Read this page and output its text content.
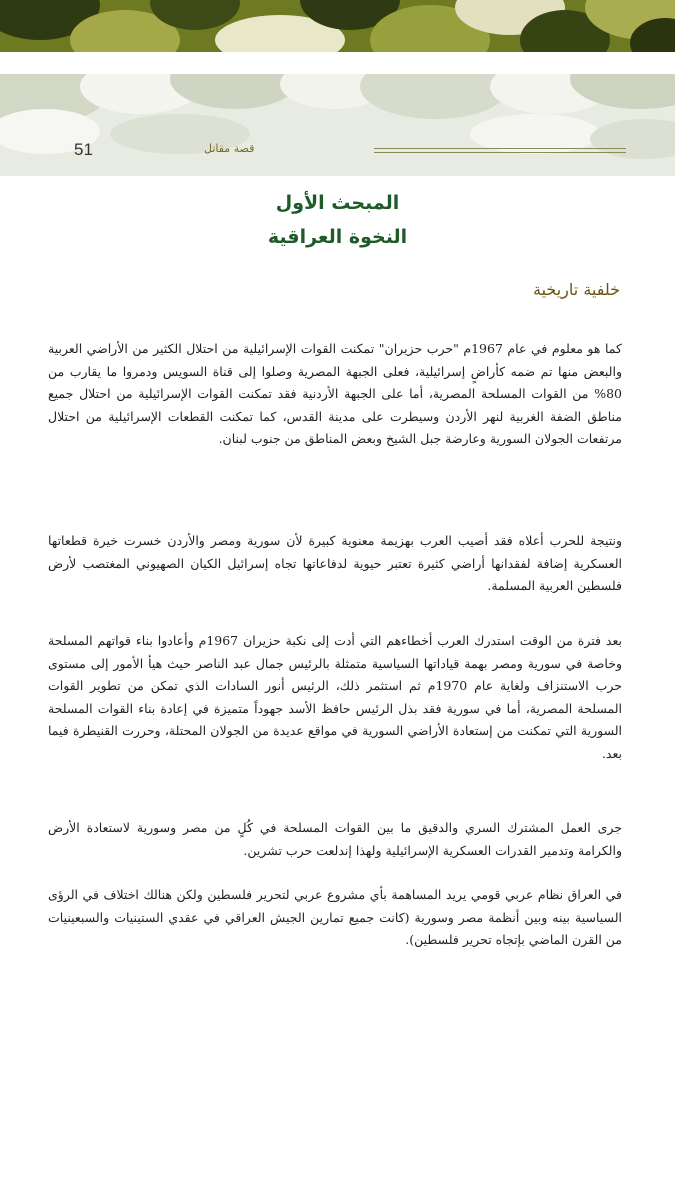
51	قصة مقاتل
المبحث الأول
النخوة العراقية
خلفية تاريخية

كما هو معلوم في عام 1967م "حرب حزيران" تمكنت القوات الإسرائيلية من احتلال الكثير من الأراضي العربية والبعض منها تم ضمه كأراضٍ إسرائيلية، فعلى الجبهة المصرية وصلوا إلى قناة السويس ودمروا ما يقارب من 80% من القوات المسلحة المصرية، أما على الجبهة الأردنية فقد تمكنت القوات الإسرائيلية من احتلال جميع مناطق الضفة الغربية لنهر الأردن وسيطرت على مدينة القدس، كما تمكنت القطعات الإسرائيلية من احتلال مرتفعات الجولان السورية وعارضة جبل الشيخ وبعض المناطق من جنوب لبنان.

ونتيجة للحرب أعلاه فقد أصيب العرب بهزيمة معنوية كبيرة لأن سورية ومصر والأردن خسرت خيرة قطعاتها العسكرية إضافة لفقدانها أراضي كثيرة تعتبر حيوية لدفاعاتها تجاه إسرائيل الكيان الصهيوني المغتصب لأرض فلسطين العربية المسلمة.

بعد فترة من الوقت استدرك العرب أخطاءهم التي أدت إلى نكبة حزيران 1967م وأعادوا بناء قواتهم المسلحة وخاصة في سورية ومصر بهمة قياداتها السياسية متمثلة بالرئيس جمال عبد الناصر حيث هيأ الأمور إلى مستوى حرب الاستنزاف ولغاية عام 1970م ثم استثمر ذلك، الرئيس أنور السادات الذي تمكن من تطوير القوات المسلحة المصرية، أما في سورية فقد بذل الرئيس حافظ الأسد جهوداً متميزة في إعادة بناء القوات المسلحة السورية التي تمكنت من إستعادة الأراضي السورية في مواقع عديدة من الجولان المحتلة، وحررت القنيطرة فيما بعد.

جرى العمل المشترك السري والدقيق ما بين القوات المسلحة في كُلٍ من مصر وسورية لاستعادة الأرض والكرامة وتدمير القدرات العسكرية الإسرائيلية ولهذا إندلعت حرب تشرين.

في العراق نظام عربي قومي يريد المساهمة بأي مشروع عربي لتحرير فلسطين ولكن هنالك اختلاف في الرؤى السياسية بينه وبين أنظمة مصر وسورية (كانت جميع تمارين الجيش العراقي في عقدي الستينيات والسبعينيات من القرن الماضي بإتجاه تحرير فلسطين).
